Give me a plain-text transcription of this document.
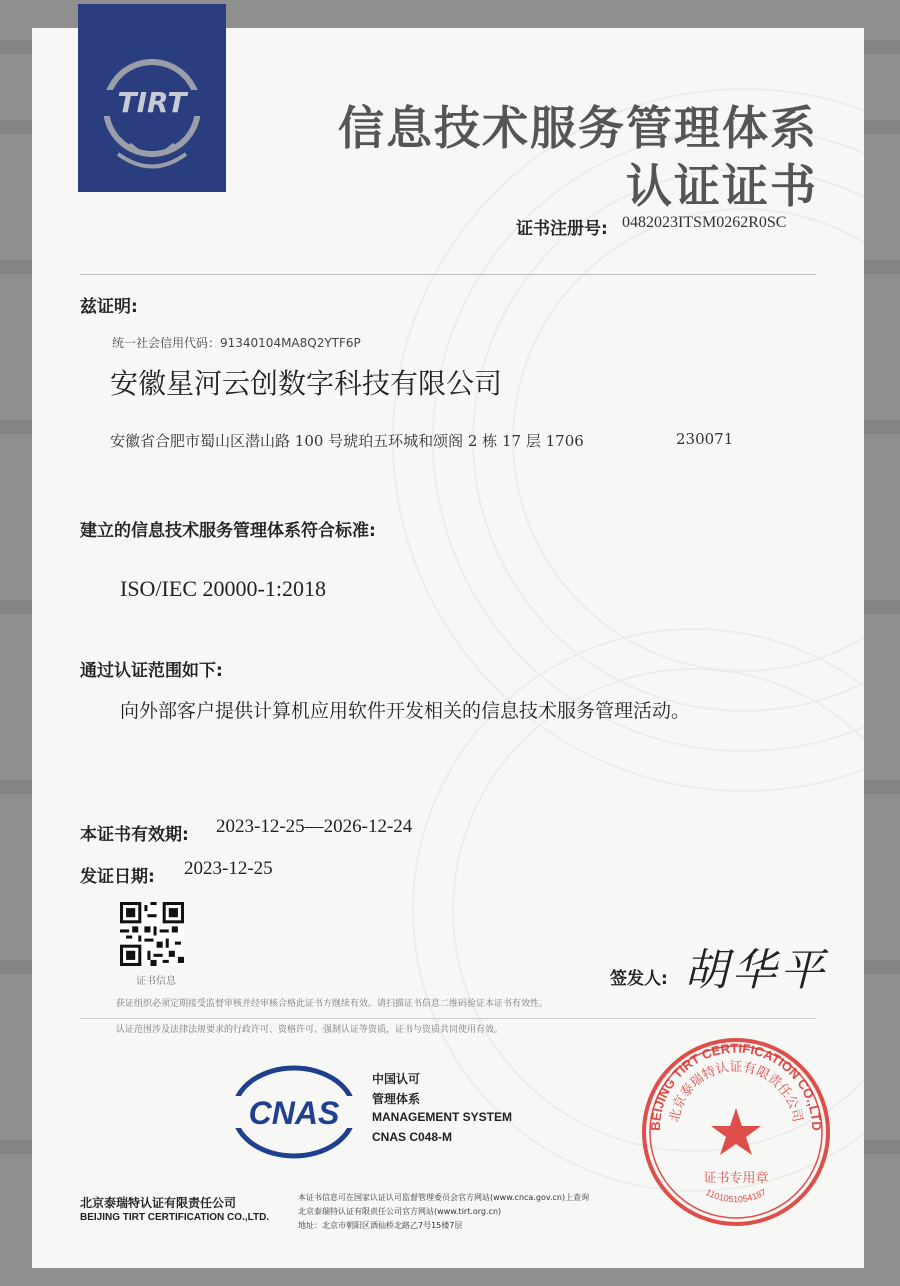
TIRT	信息技术服务管理体系
认证证书
证书注册号: 0482023ITSM0262R0SC
兹证明:
统一社会信用代码：91340104MA8Q2YTF6P
安徽星河云创数字科技有限公司
安徽省合肥市蜀山区潜山路 100 号琥珀五环城和颂阁 2 栋 17 层 1706	230071
建立的信息技术服务管理体系符合标准:
ISO/IEC 20000-1:2018
通过认证范围如下:
向外部客户提供计算机应用软件开发相关的信息技术服务管理活动。
本证书有效期: 2023-12-25—2026-12-24
发证日期: 2023-12-25
证书信息	签发人: 胡华平
获证组织必须定期接受监督审核并经审核合格此证书方继续有效。请扫描证书信息二维码验证本证书有效性。
认证范围涉及法律法规要求的行政许可、资格许可、强制认证等资质，证书与资质共同使用有效。
CNAS
中国认可
管理体系
MANAGEMENT SYSTEM
CNAS C048-M
北京泰瑞特认证有限责任公司
BEIJING TIRT CERTIFICATION CO.,LTD.
本证书信息可在国家认证认可监督管理委员会官方网站(www.cnca.gov.cn)上查询
北京泰瑞特认证有限责任公司官方网站(www.tirt.org.cn)
地址：北京市朝阳区酒仙桥北路乙7号15楼7层
BEIJING TIRT CERTIFICATION CO.,LTD
北京泰瑞特认证有限责任公司
证书专用章
1101051054187
